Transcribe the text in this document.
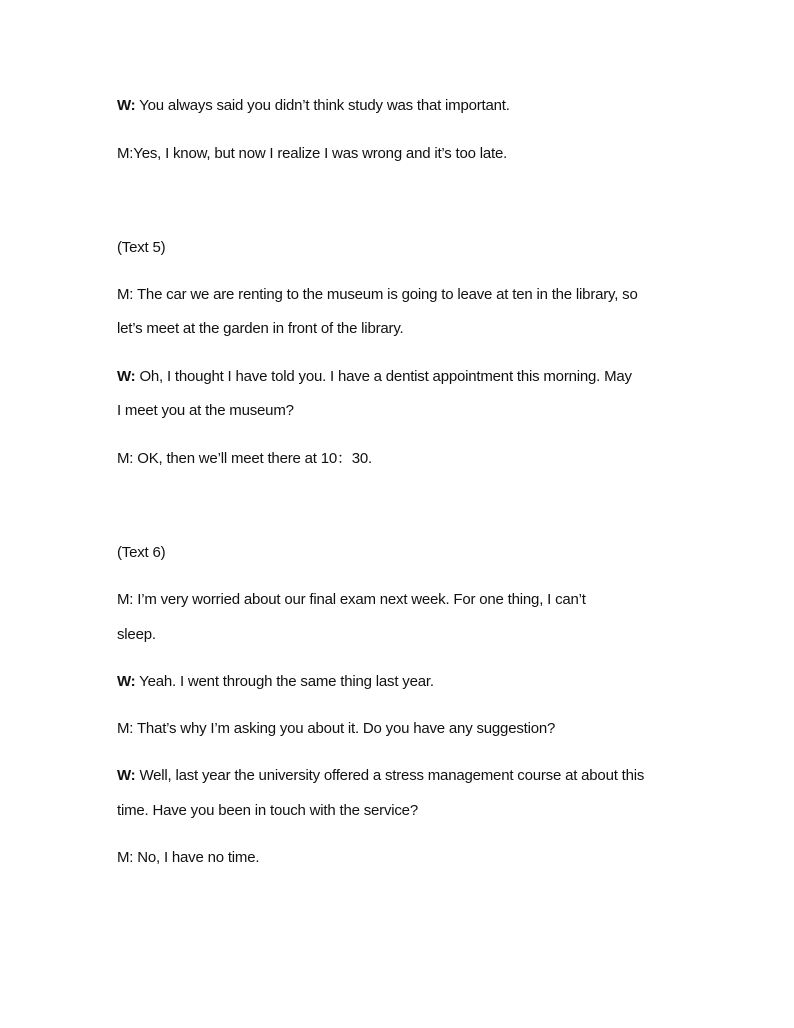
W: You always said you didn’t think study was that important.
M:Yes, I know, but now I realize I was wrong and it’s too late.
(Text 5)
M: The car we are renting to the museum is going to leave at ten in the library, so
let’s meet at the garden in front of the library.
W: Oh, I thought I have told you. I have a dentist appointment this morning. May
I meet you at the museum?
M: OK, then we’ll meet there at 10：30.
(Text 6)
M: I’m very worried about our final exam next week. For one thing, I can’t
sleep.
W: Yeah. I went through the same thing last year.
M: That’s why I’m asking you about it. Do you have any suggestion?
W: Well, last year the university offered a stress management course at about this
time. Have you been in touch with the service?
M: No, I have no time.
